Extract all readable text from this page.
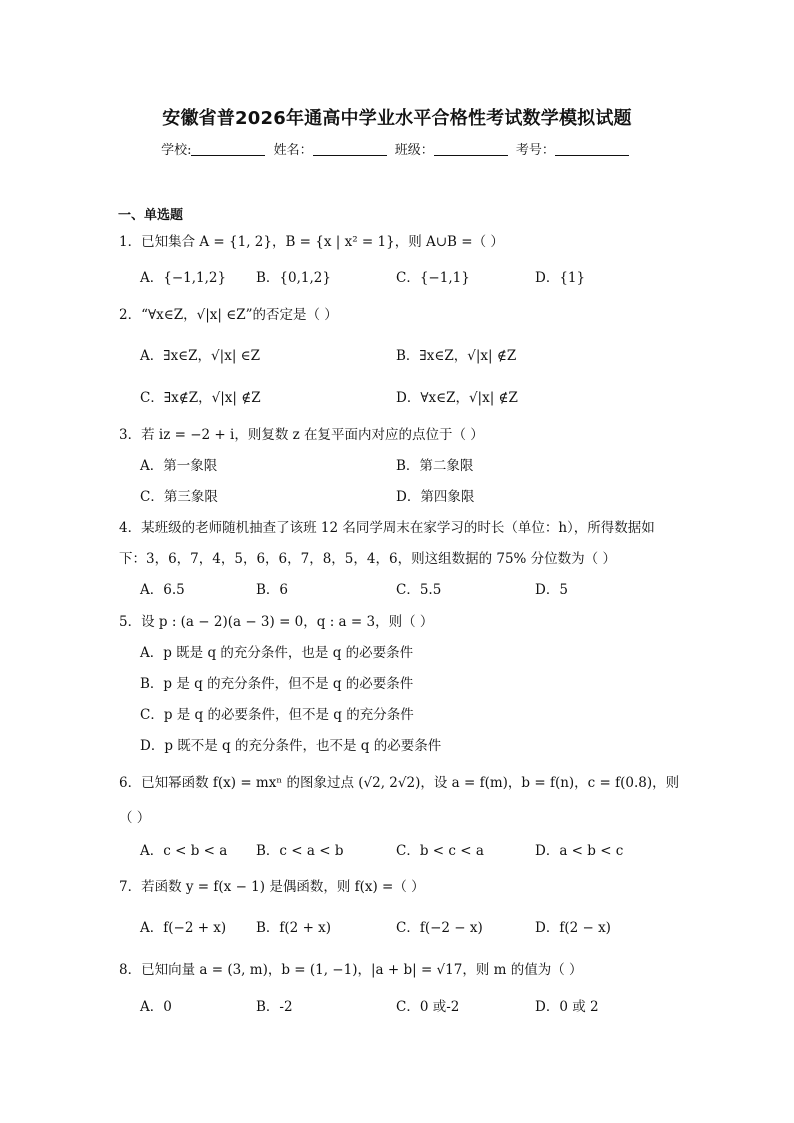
安徽省普2026年通高中学业水平合格性考试数学模拟试题
学校:	姓名：	班级：	考号：
一、单选题
1．已知集合 A = {1, 2}，B = {x | x² = 1}，则 A∪B =（ ）
A．{−1,1,2} B．{0,1,2}	C．{−1,1}	D．{1}
2．“∀x∈Z，√|x| ∈Z”的否定是（ ）
A．∃x∈Z，√|x| ∈Z	B．∃x∈Z，√|x| ∉Z
C．∃x∉Z，√|x| ∉Z	D．∀x∈Z，√|x| ∉Z
3．若 iz = −2 + i，则复数 z 在复平面内对应的点位于（ ）
A．第一象限	B．第二象限
C．第三象限	D．第四象限
4．某班级的老师随机抽查了该班 12 名同学周末在家学习的时长（单位：h），所得数据如
下：3，6，7，4，5，6，6，7，8，5，4，6，则这组数据的 75% 分位数为（ ）
A．6.5	B．6	C．5.5	D．5
5．设 p : (a − 2)(a − 3) = 0，q : a = 3，则（ ）
A．p 既是 q 的充分条件，也是 q 的必要条件
B．p 是 q 的充分条件，但不是 q 的必要条件
C．p 是 q 的必要条件，但不是 q 的充分条件
D．p 既不是 q 的充分条件，也不是 q 的必要条件
6．已知幂函数 f(x) = mxⁿ 的图象过点 (√2, 2√2)，设 a = f(m)，b = f(n)，c = f(0.8)，则
（ ）
A．c < b < a B．c < a < b	C．b < c < a	D．a < b < c
7．若函数 y = f(x − 1) 是偶函数，则 f(x) =（ ）
A．f(−2 + x) B．f(2 + x)	C．f(−2 − x)	D．f(2 − x)
8．已知向量 a = (3, m)，b = (1, −1)，|a + b| = √17，则 m 的值为（ ）
A．0	B．-2	C．0 或-2	D．0 或 2
